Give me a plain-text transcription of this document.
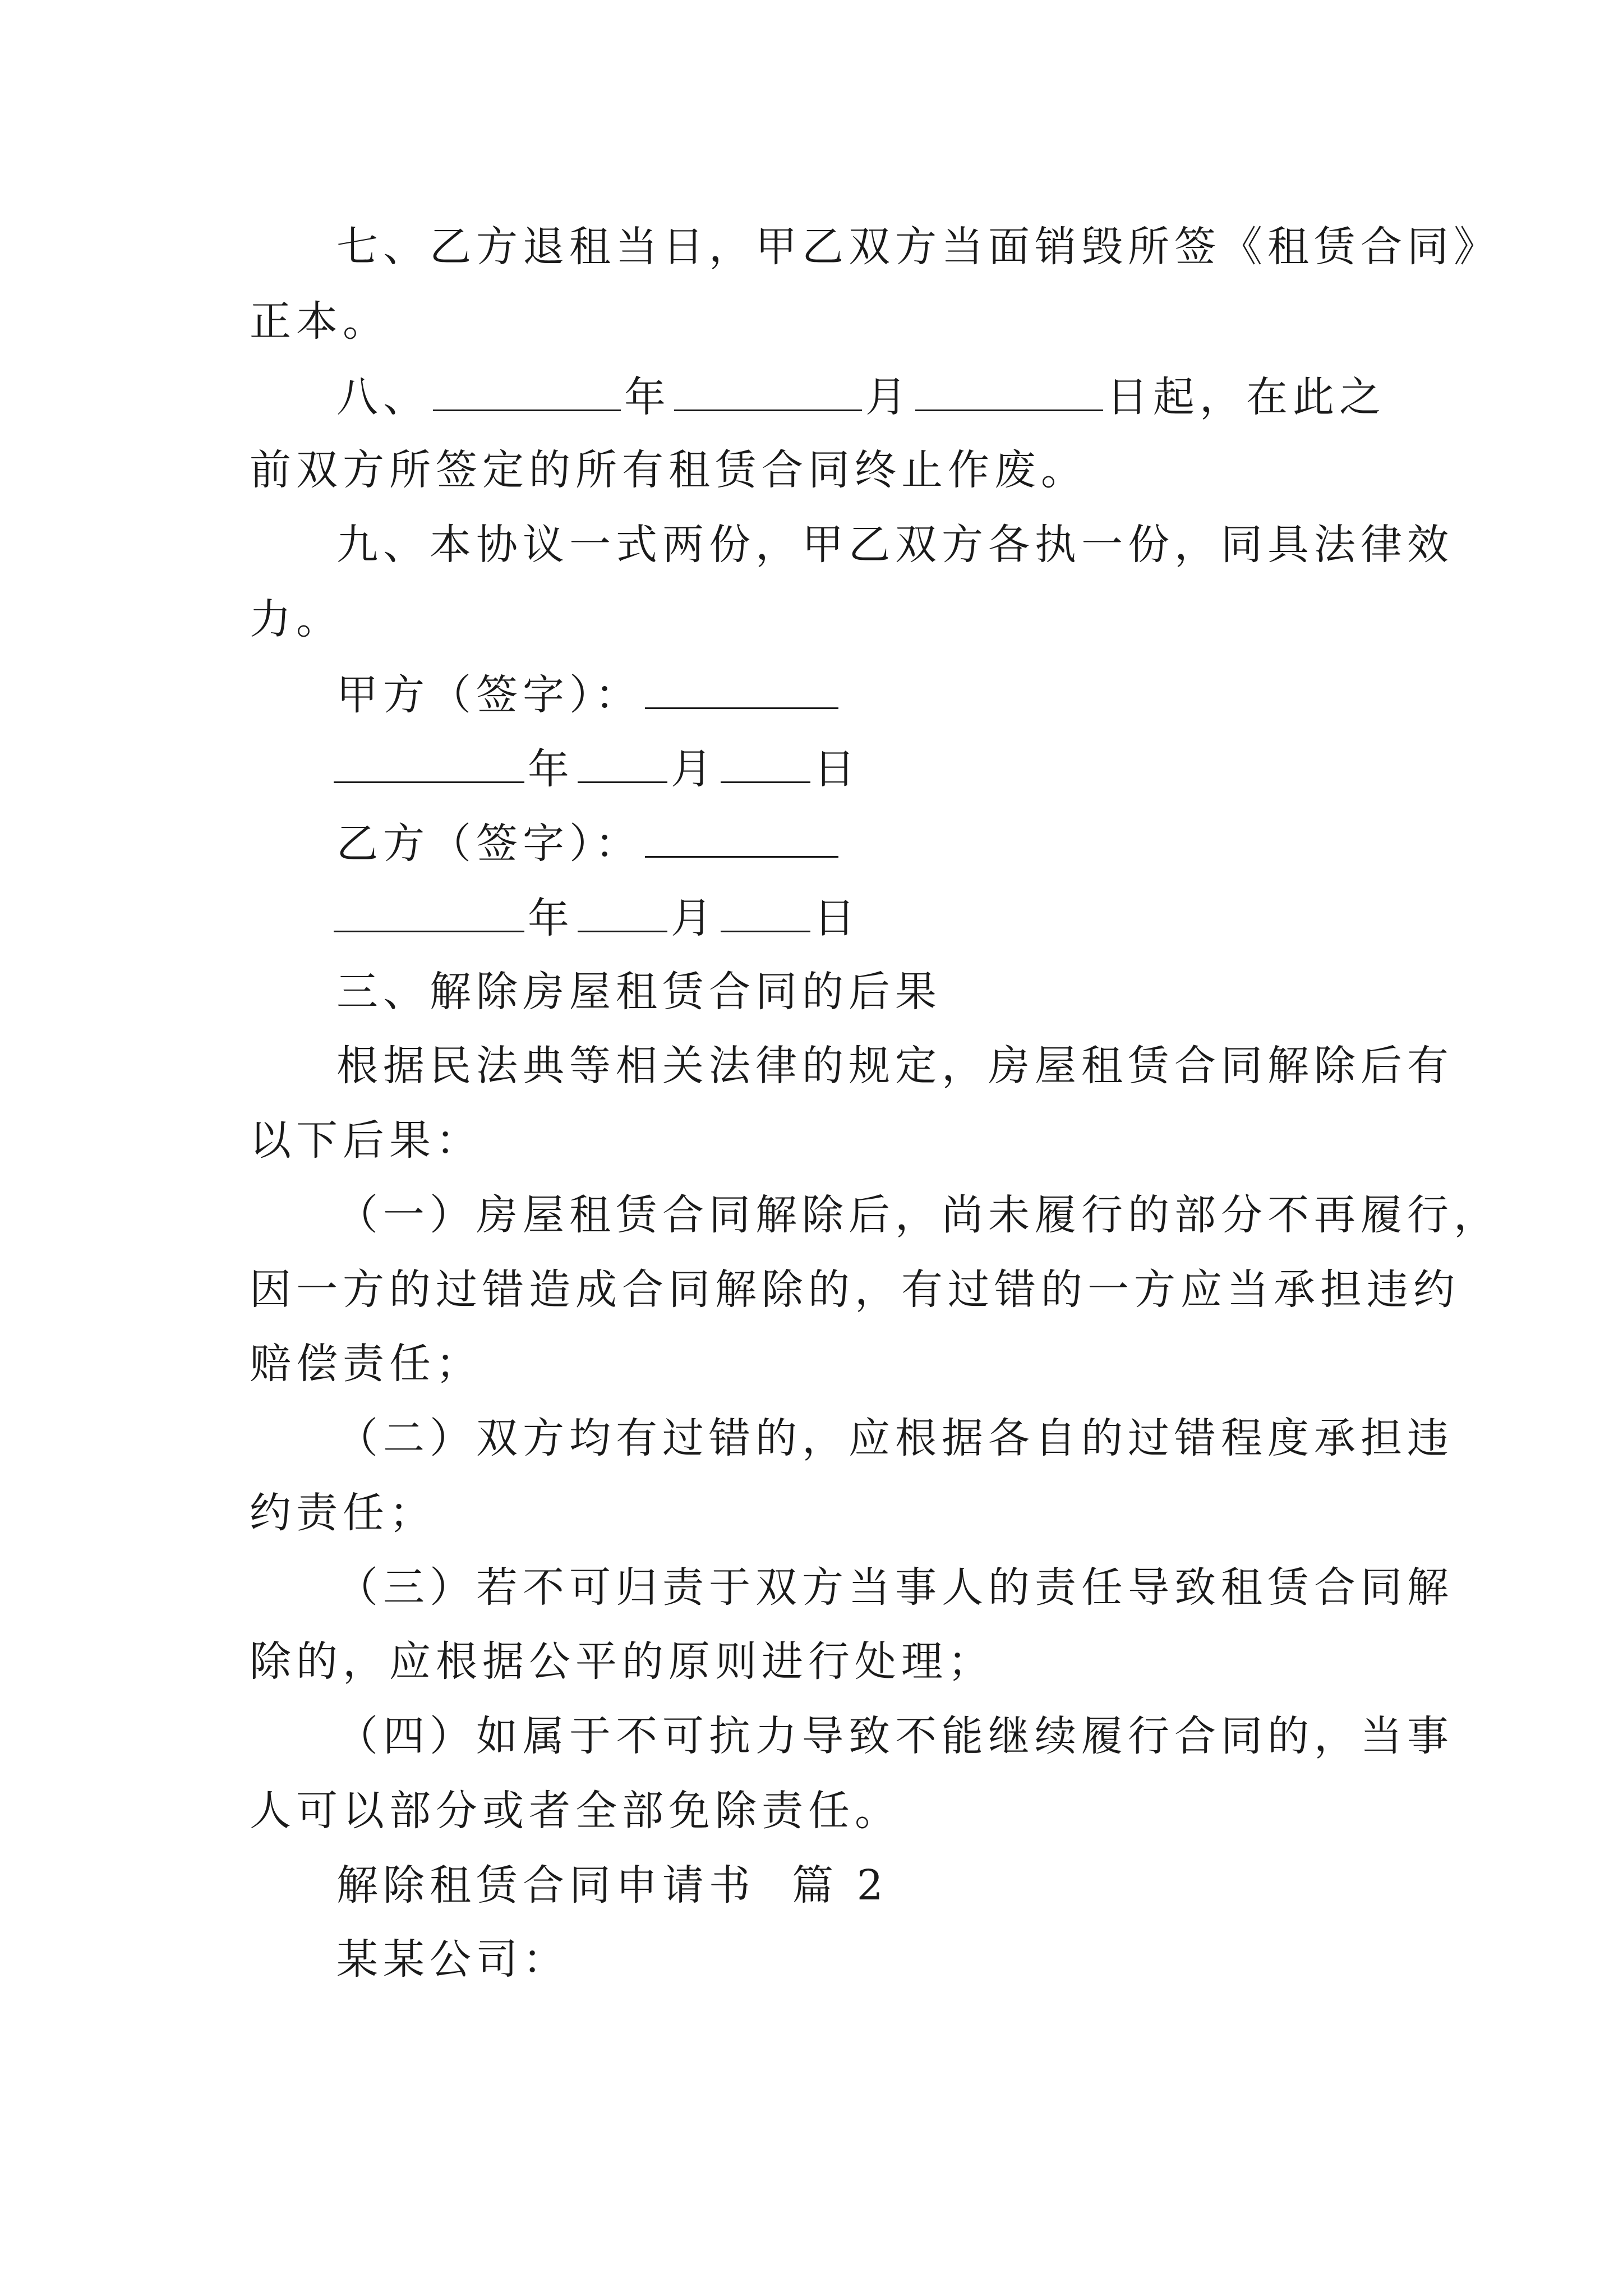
七、乙方退租当日，甲乙双方当面销毁所签《租赁合同》
正本。
八、	年	月	日起，在此之
前双方所签定的所有租赁合同终止作废。
九、本协议一式两份，甲乙双方各执一份，同具法律效
力。
甲方（签字）：
年 月 日
乙方（签字）：
年 月 日
三、解除房屋租赁合同的后果
根据民法典等相关法律的规定，房屋租赁合同解除后有
以下后果：
（一）房屋租赁合同解除后，尚未履行的部分不再履行，
因一方的过错造成合同解除的，有过错的一方应当承担违约
赔偿责任；
（二）双方均有过错的，应根据各自的过错程度承担违
约责任；
（三）若不可归责于双方当事人的责任导致租赁合同解
除的，应根据公平的原则进行处理；
（四）如属于不可抗力导致不能继续履行合同的，当事
人可以部分或者全部免除责任。
解除租赁合同申请书  篇 2
某某公司：
